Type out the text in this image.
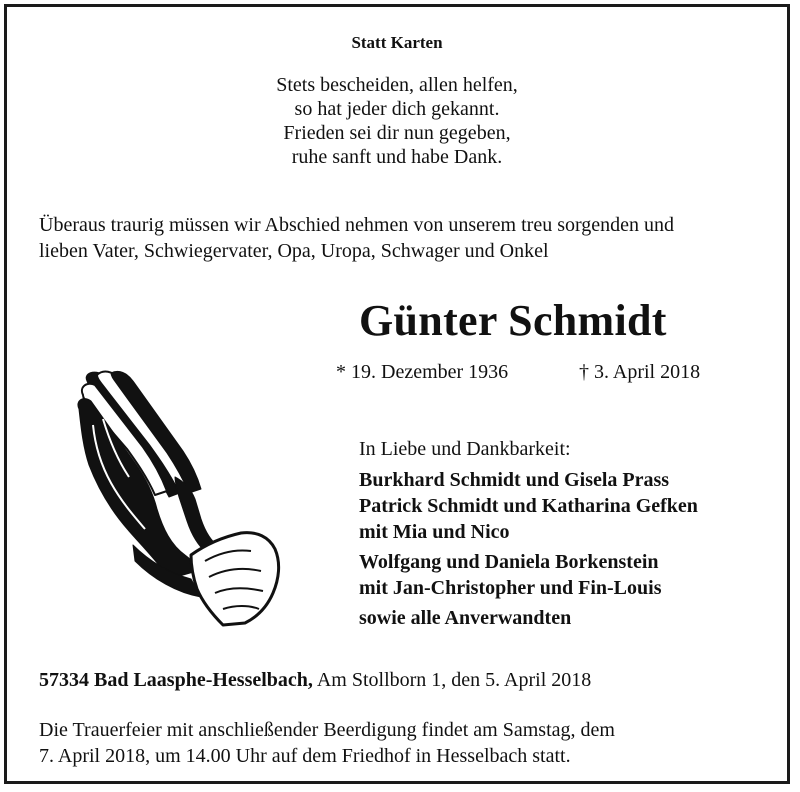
Statt Karten
Stets bescheiden, allen helfen,
so hat jeder dich gekannt.
Frieden sei dir nun gegeben,
ruhe sanft und habe Dank.
Überaus traurig müssen wir Abschied nehmen von unserem treu sorgenden und
lieben Vater, Schwiegervater, Opa, Uropa, Schwager und Onkel
Günter Schmidt
* 19. Dezember 1936	† 3. April 2018
In Liebe und Dankbarkeit:
Burkhard Schmidt und Gisela Prass
Patrick Schmidt und Katharina Gefken
mit Mia und Nico
Wolfgang und Daniela Borkenstein
mit Jan-Christopher und Fin-Louis
sowie alle Anverwandten
57334 Bad Laasphe-Hesselbach, Am Stollborn 1, den 5. April 2018
Die Trauerfeier mit anschließender Beerdigung findet am Samstag, dem
7. April 2018, um 14.00 Uhr auf dem Friedhof in Hesselbach statt.
